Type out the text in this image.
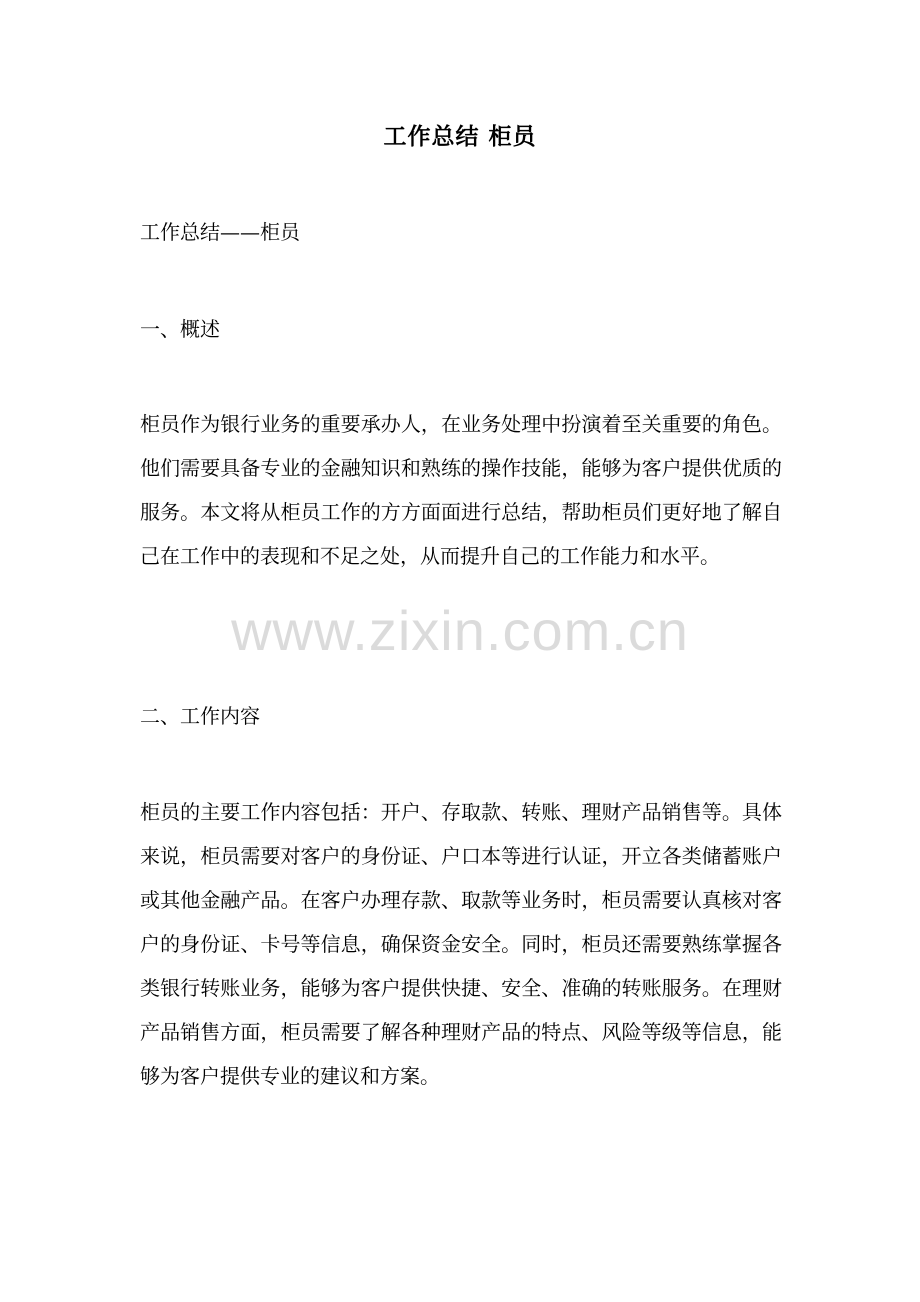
工作总结 柜员

工作总结——柜员

一、概述

柜员作为银行业务的重要承办人，在业务处理中扮演着至关重要的角色。他们需要具备专业的金融知识和熟练的操作技能，能够为客户提供优质的服务。本文将从柜员工作的方方面面进行总结，帮助柜员们更好地了解自己在工作中的表现和不足之处，从而提升自己的工作能力和水平。

二、工作内容

柜员的主要工作内容包括：开户、存取款、转账、理财产品销售等。具体来说，柜员需要对客户的身份证、户口本等进行认证，开立各类储蓄账户或其他金融产品。在客户办理存款、取款等业务时，柜员需要认真核对客户的身份证、卡号等信息，确保资金安全。同时，柜员还需要熟练掌握各类银行转账业务，能够为客户提供快捷、安全、准确的转账服务。在理财产品销售方面，柜员需要了解各种理财产品的特点、风险等级等信息，能够为客户提供专业的建议和方案。

www.zixin.com.cn
